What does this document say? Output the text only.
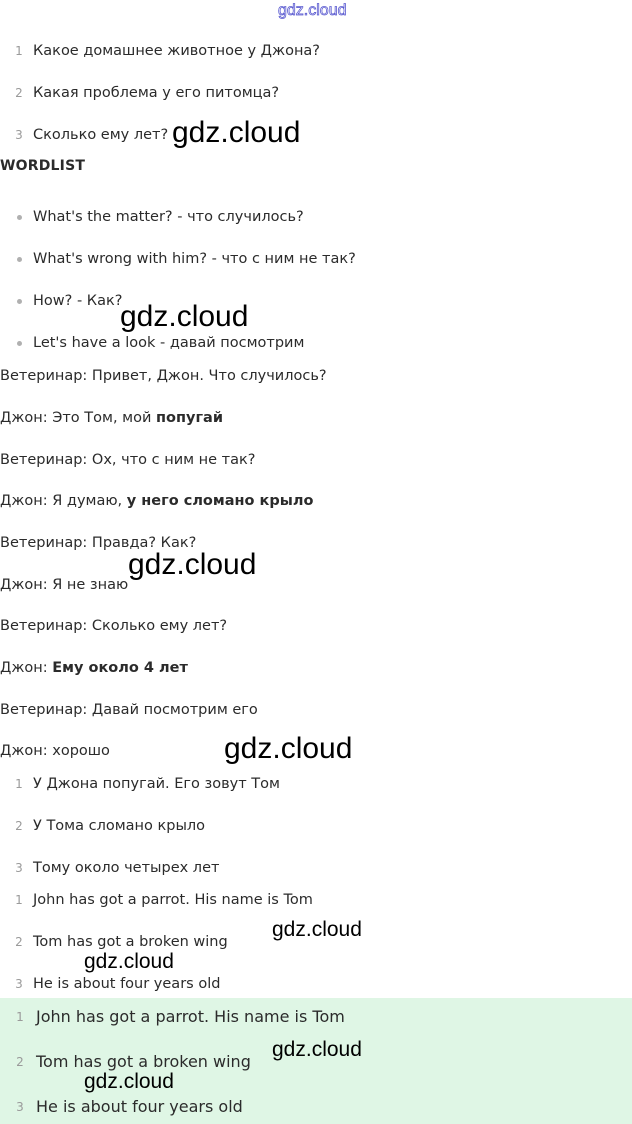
gdz.cloud
1 Какое домашнее животное у Джона?
2 Какая проблема у его питомца?
3 Сколько ему лет? gdz.cloud
WORDLIST
What's the matter? - что случилось?
What's wrong with him? - что с ним не так?
How? - Как?
Let's have a look - давай посмотрим
gdz.cloud
Ветеринар: Привет, Джон. Что случилось?
Джон: Это Том, мой попугай
Ветеринар: Ох, что с ним не так?
Джон: Я думаю, у него сломано крыло
Ветеринар: Правда? Как?
Джон: Я не знаю
Ветеринар: Сколько ему лет?
Джон: Ему около 4 лет
Ветеринар: Давай посмотрим его
Джон: хорошо
gdz.cloud
gdz.cloud
1 У Джона попугай. Его зовут Том
2 У Тома сломано крыло
3 Тому около четырех лет
1 John has got a parrot. His name is Tom
2 Tom has got a broken wing
3 He is about four years old
gdz.cloud
gdz.cloud
1 John has got a parrot. His name is Tom
2 Tom has got a broken wing
3 He is about four years old
gdz.cloud
gdz.cloud
